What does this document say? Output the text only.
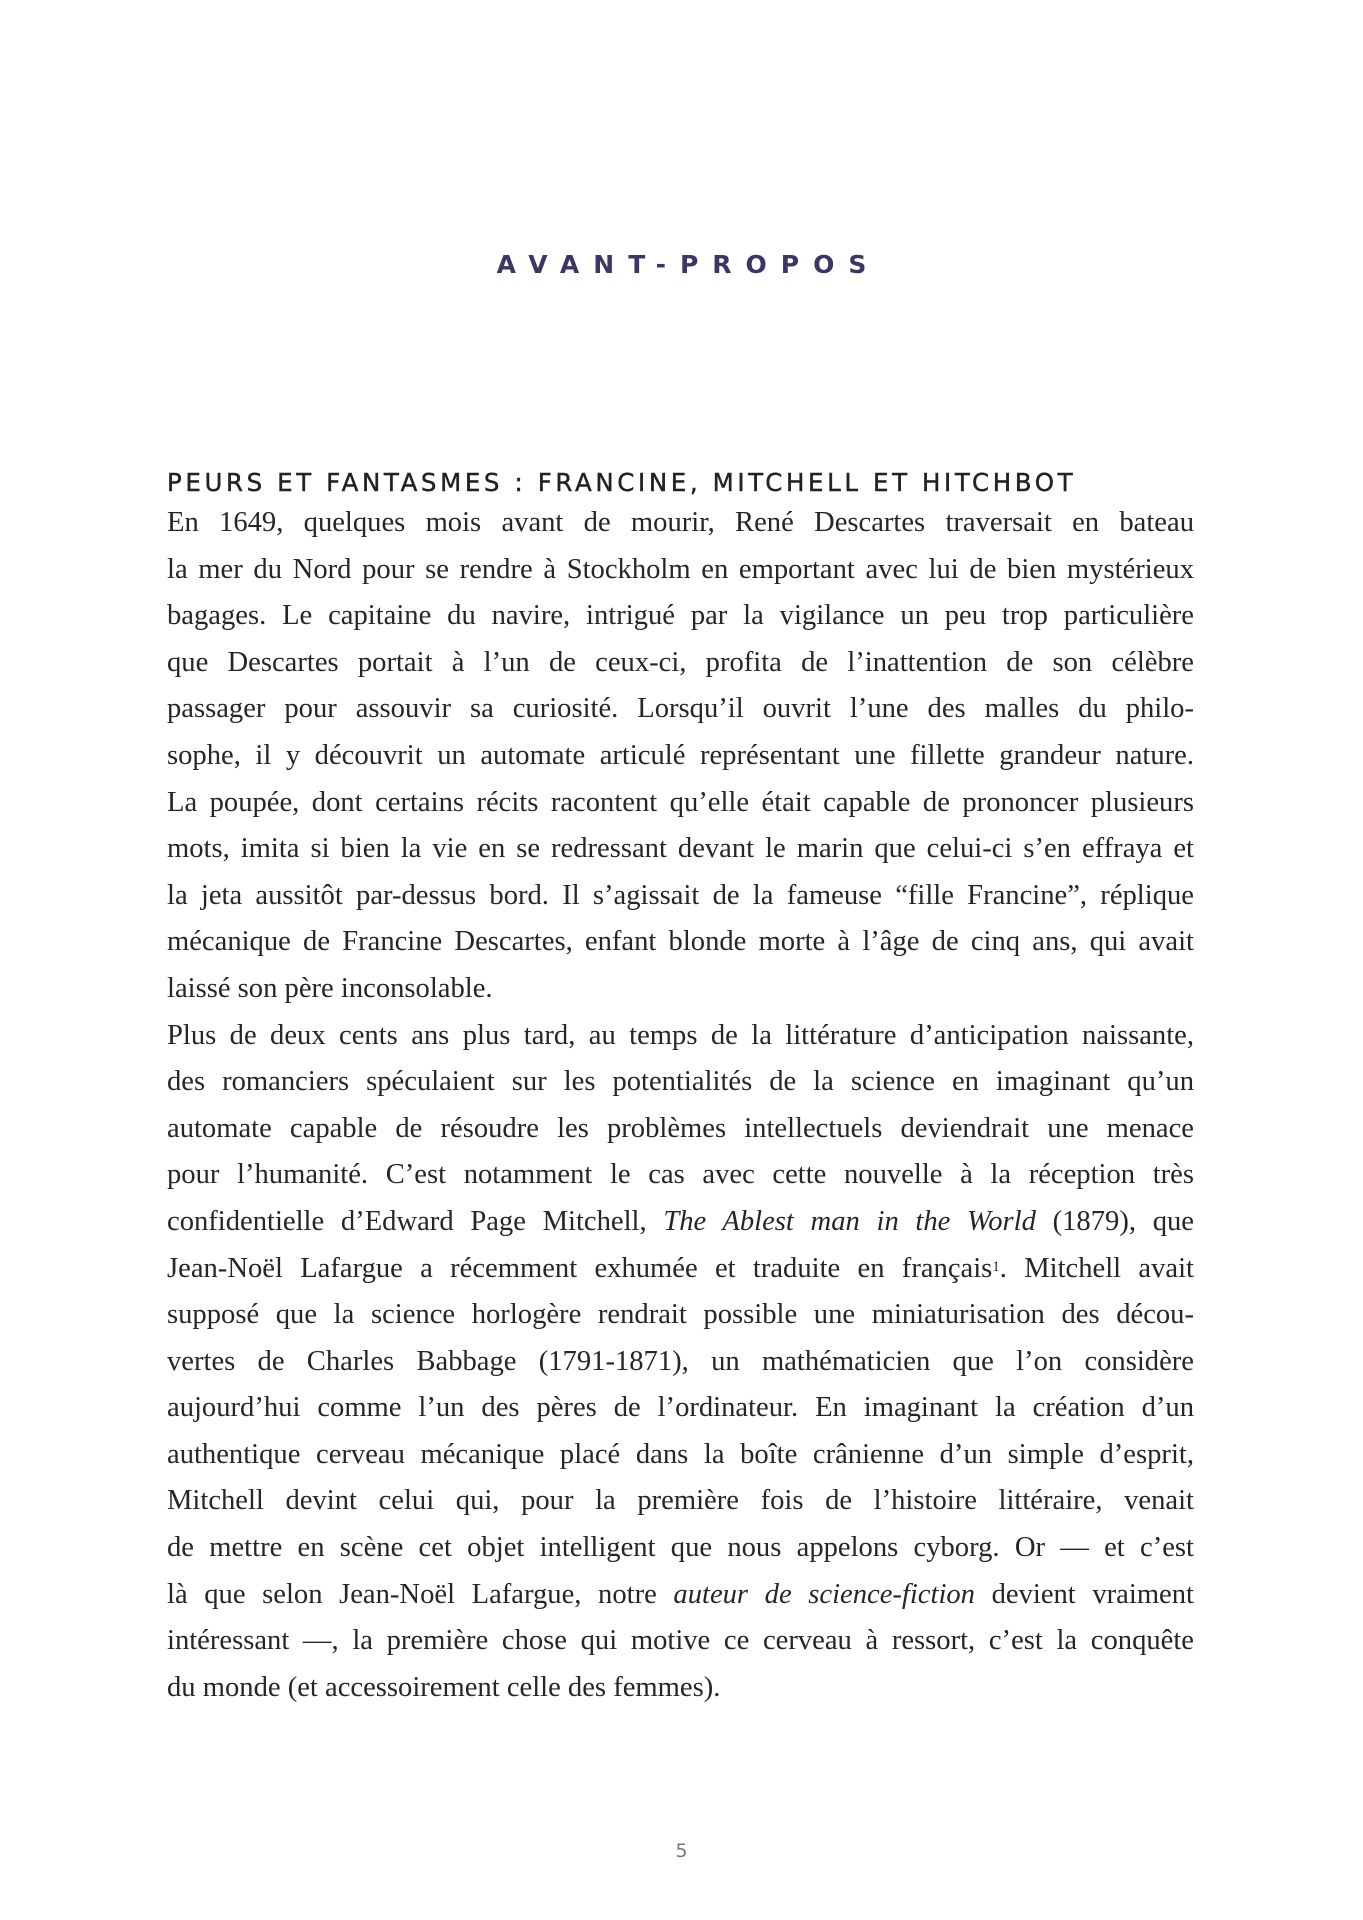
AVANT-PROPOS
PEURS ET FANTASMES : FRANCINE, MITCHELL ET HITCHBOT
En 1649, quelques mois avant de mourir, René Descartes traversait en bateau
la mer du Nord pour se rendre à Stockholm en emportant avec lui de bien mystérieux
bagages. Le capitaine du navire, intrigué par la vigilance un peu trop particulière
que Descartes portait à l’un de ceux-ci, profita de l’inattention de son célèbre
passager pour assouvir sa curiosité. Lorsqu’il ouvrit l’une des malles du philo-
sophe, il y découvrit un automate articulé représentant une fillette grandeur nature.
La poupée, dont certains récits racontent qu’elle était capable de prononcer plusieurs
mots, imita si bien la vie en se redressant devant le marin que celui-ci s’en effraya et
la jeta aussitôt par-dessus bord. Il s’agissait de la fameuse “fille Francine”, réplique
mécanique de Francine Descartes, enfant blonde morte à l’âge de cinq ans, qui avait
laissé son père inconsolable.
Plus de deux cents ans plus tard, au temps de la littérature d’anticipation naissante,
des romanciers spéculaient sur les potentialités de la science en imaginant qu’un
automate capable de résoudre les problèmes intellectuels deviendrait une menace
pour l’humanité. C’est notamment le cas avec cette nouvelle à la réception très
confidentielle d’Edward Page Mitchell, The Ablest man in the World (1879), que
Jean-Noël Lafargue a récemment exhumée et traduite en français$^1$. Mitchell avait
supposé que la science horlogère rendrait possible une miniaturisation des décou-
vertes de Charles Babbage (1791-1871), un mathématicien que l’on considère
aujourd’hui comme l’un des pères de l’ordinateur. En imaginant la création d’un
authentique cerveau mécanique placé dans la boîte crânienne d’un simple d’esprit,
Mitchell devint celui qui, pour la première fois de l’histoire littéraire, venait
de mettre en scène cet objet intelligent que nous appelons cyborg. Or — et c’est
là que selon Jean-Noël Lafargue, notre auteur de science-fiction devient vraiment
intéressant —, la première chose qui motive ce cerveau à ressort, c’est la conquête
du monde (et accessoirement celle des femmes).
5
